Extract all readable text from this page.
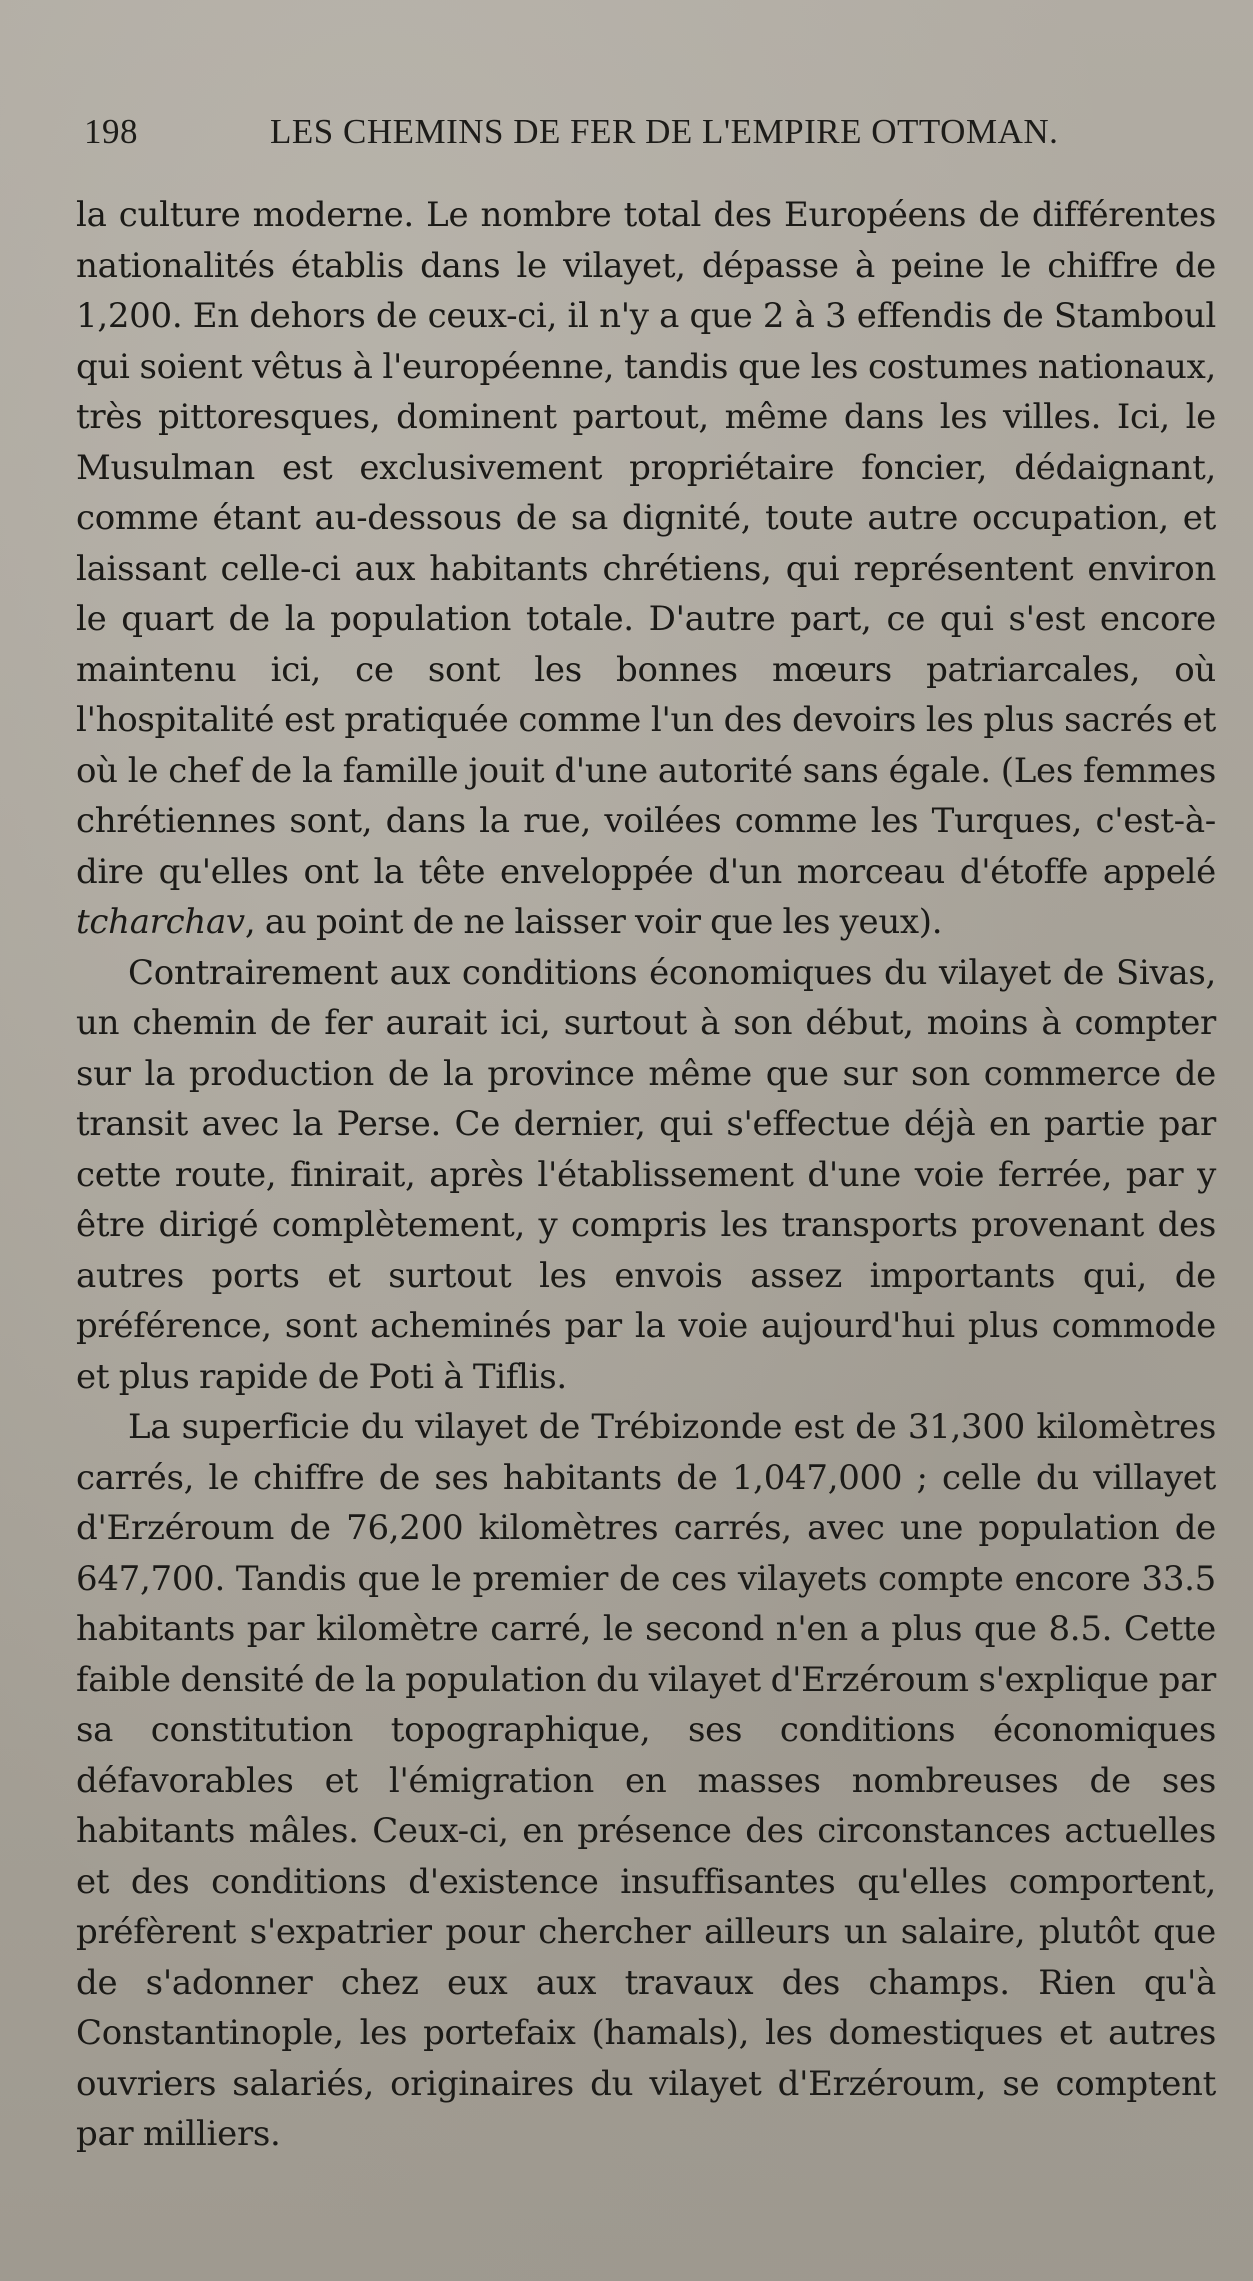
198	LES CHEMINS DE FER DE L'EMPIRE OTTOMAN.

la culture moderne. Le nombre total des Européens de différentes nationalités établis dans le vilayet, dépasse à peine le chiffre de 1,200. En dehors de ceux-ci, il n'y a que 2 à 3 effendis de Stamboul qui soient vêtus à l'européenne, tandis que les costumes nationaux, très pittoresques, dominent partout, même dans les villes. Ici, le Musulman est exclusivement propriétaire foncier, dédaignant, comme étant au-dessous de sa dignité, toute autre occupation, et laissant celle-ci aux habitants chrétiens, qui représentent environ le quart de la population totale. D'autre part, ce qui s'est encore maintenu ici, ce sont les bonnes mœurs patriarcales, où l'hospitalité est pratiquée comme l'un des devoirs les plus sacrés et où le chef de la famille jouit d'une autorité sans égale. (Les femmes chrétiennes sont, dans la rue, voilées comme les Turques, c'est-à-dire qu'elles ont la tête enveloppée d'un morceau d'étoffe appelé tcharchav, au point de ne laisser voir que les yeux).

Contrairement aux conditions économiques du vilayet de Sivas, un chemin de fer aurait ici, surtout à son début, moins à compter sur la production de la province même que sur son commerce de transit avec la Perse. Ce dernier, qui s'effectue déjà en partie par cette route, finirait, après l'établissement d'une voie ferrée, par y être dirigé complètement, y compris les transports provenant des autres ports et surtout les envois assez importants qui, de préférence, sont acheminés par la voie aujourd'hui plus commode et plus rapide de Poti à Tiflis.

La superficie du vilayet de Trébizonde est de 31,300 kilomètres carrés, le chiffre de ses habitants de 1,047,000 ; celle du villayet d'Erzéroum de 76,200 kilomètres carrés, avec une population de 647,700. Tandis que le premier de ces vilayets compte encore 33.5 habitants par kilomètre carré, le second n'en a plus que 8.5. Cette faible densité de la population du vilayet d'Erzéroum s'explique par sa constitution topographique, ses conditions économiques défavorables et l'émigration en masses nombreuses de ses habitants mâles. Ceux-ci, en présence des circonstances actuelles et des conditions d'existence insuffisantes qu'elles comportent, préfèrent s'expatrier pour chercher ailleurs un salaire, plutôt que de s'adonner chez eux aux travaux des champs. Rien qu'à Constantinople, les portefaix (hamals), les domestiques et autres ouvriers salariés, originaires du vilayet d'Erzéroum, se comptent par milliers.
